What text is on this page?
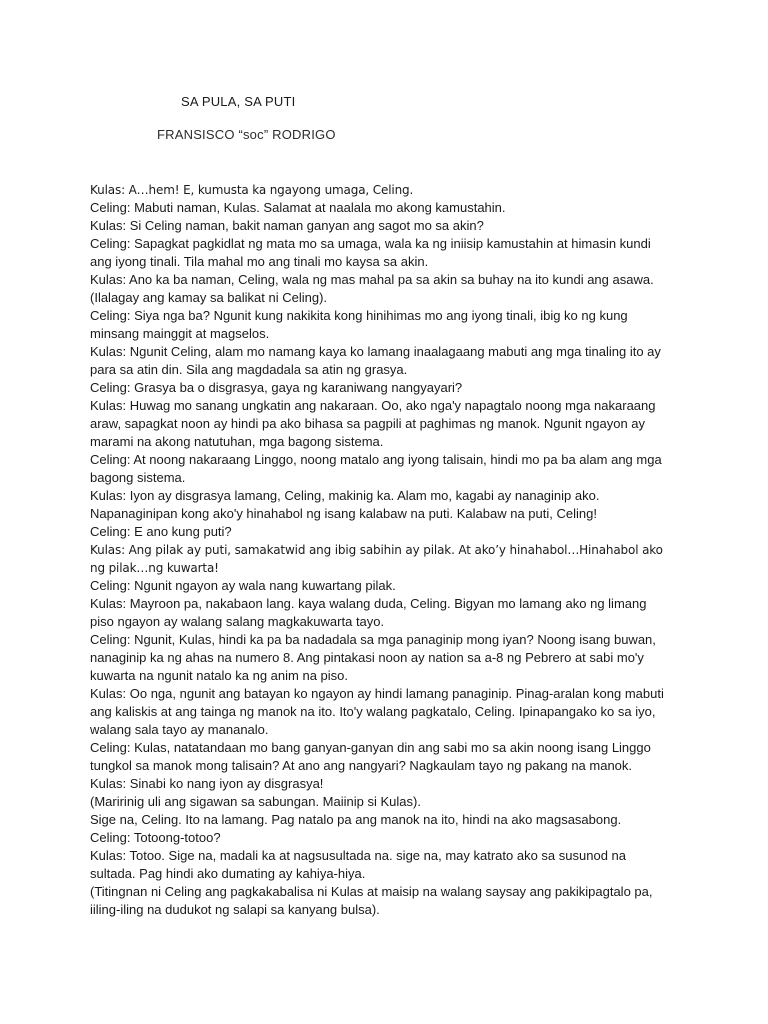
SA PULA, SA PUTI
FRANSISCO “soc” RODRIGO
Kulas: A…hem! E, kumusta ka ngayong umaga, Celing.
Celing: Mabuti naman, Kulas. Salamat at naalala mo akong kamustahin.
Kulas: Si Celing naman, bakit naman ganyan ang sagot mo sa akin?
Celing: Sapagkat pagkidlat ng mata mo sa umaga, wala ka ng iniisip kamustahin at himasin kundi
ang iyong tinali. Tila mahal mo ang tinali mo kaysa sa akin.
Kulas: Ano ka ba naman, Celing, wala ng mas mahal pa sa akin sa buhay na ito kundi ang asawa.
(Ilalagay ang kamay sa balikat ni Celing).
Celing: Siya nga ba? Ngunit kung nakikita kong hinihimas mo ang iyong tinali, ibig ko ng kung
minsang mainggit at magselos.
Kulas: Ngunit Celing, alam mo namang kaya ko lamang inaalagaang mabuti ang mga tinaling ito ay
para sa atin din. Sila ang magdadala sa atin ng grasya.
Celing: Grasya ba o disgrasya, gaya ng karaniwang nangyayari?
Kulas: Huwag mo sanang ungkatin ang nakaraan. Oo, ako nga'y napagtalo noong mga nakaraang
araw, sapagkat noon ay hindi pa ako bihasa sa pagpili at paghimas ng manok. Ngunit ngayon ay
marami na akong natutuhan, mga bagong sistema.
Celing: At noong nakaraang Linggo, noong matalo ang iyong talisain, hindi mo pa ba alam ang mga
bagong sistema.
Kulas: Iyon ay disgrasya lamang, Celing, makinig ka. Alam mo, kagabi ay nanaginip ako.
Napanaginipan kong ako'y hinahabol ng isang kalabaw na puti. Kalabaw na puti, Celing!
Celing: E ano kung puti?
Kulas: Ang pilak ay puti, samakatwid ang ibig sabihin ay pilak. At ako’y hinahabol…Hinahabol ako
ng pilak…ng kuwarta!
Celing: Ngunit ngayon ay wala nang kuwartang pilak.
Kulas: Mayroon pa, nakabaon lang. kaya walang duda, Celing. Bigyan mo lamang ako ng limang
piso ngayon ay walang salang magkakuwarta tayo.
Celing: Ngunit, Kulas, hindi ka pa ba nadadala sa mga panaginip mong iyan? Noong isang buwan,
nanaginip ka ng ahas na numero 8. Ang pintakasi noon ay nation sa a-8 ng Pebrero at sabi mo'y
kuwarta na ngunit natalo ka ng anim na piso.
Kulas: Oo nga, ngunit ang batayan ko ngayon ay hindi lamang panaginip. Pinag-aralan kong mabuti
ang kaliskis at ang tainga ng manok na ito. Ito'y walang pagkatalo, Celing. Ipinapangako ko sa iyo,
walang sala tayo ay mananalo.
Celing: Kulas, natatandaan mo bang ganyan-ganyan din ang sabi mo sa akin noong isang Linggo
tungkol sa manok mong talisain? At ano ang nangyari? Nagkaulam tayo ng pakang na manok.
Kulas: Sinabi ko nang iyon ay disgrasya!
(Maririnig uli ang sigawan sa sabungan. Maiinip si Kulas).
Sige na, Celing. Ito na lamang. Pag natalo pa ang manok na ito, hindi na ako magsasabong.
Celing: Totoong-totoo?
Kulas: Totoo. Sige na, madali ka at nagsusultada na. sige na, may katrato ako sa susunod na
sultada. Pag hindi ako dumating ay kahiya-hiya.
(Titingnan ni Celing ang pagkakabalisa ni Kulas at maisip na walang saysay ang pakikipagtalo pa,
iiling-iling na dudukot ng salapi sa kanyang bulsa).
